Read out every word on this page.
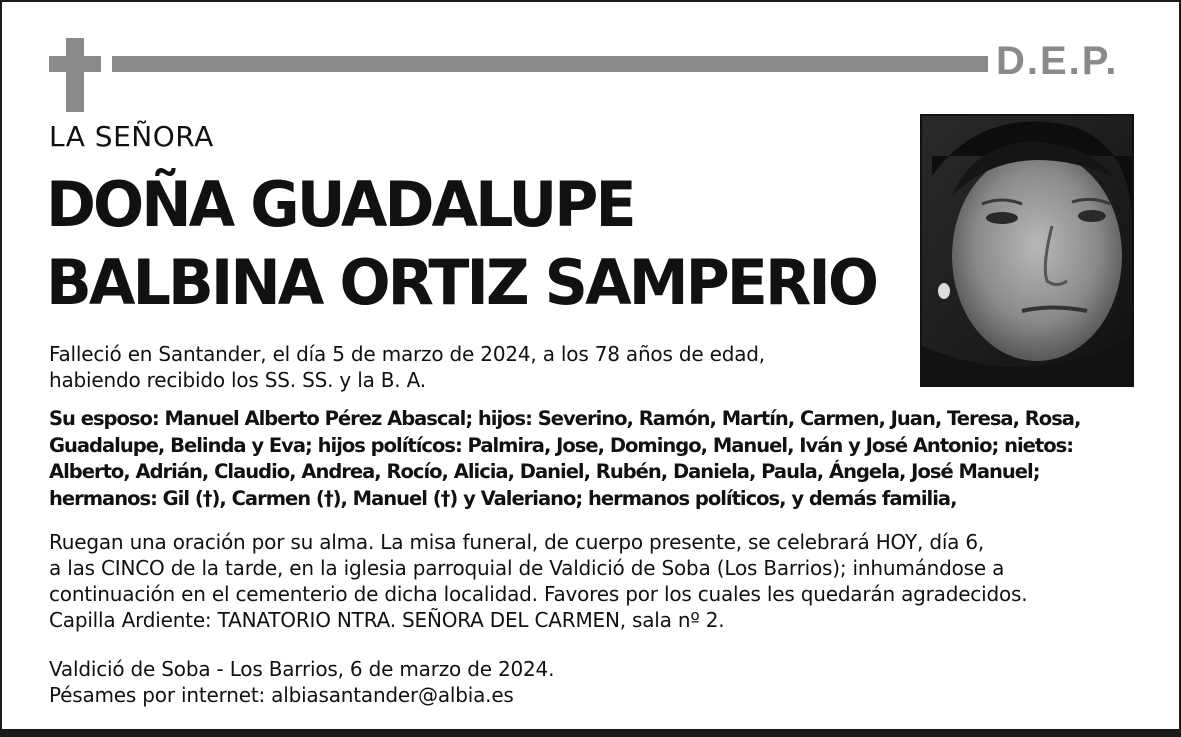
D.E.P.
LA SEÑORA
DOÑA GUADALUPE
BALBINA ORTIZ SAMPERIO
Falleció en Santander, el día 5 de marzo de 2024, a los 78 años de edad,
habiendo recibido los SS. SS. y la B. A.
Su esposo: Manuel Alberto Pérez Abascal; hijos: Severino, Ramón, Martín, Carmen, Juan, Teresa, Rosa,
Guadalupe, Belinda y Eva; hijos polítícos: Palmira, Jose, Domingo, Manuel, Iván y José Antonio; nietos:
Alberto, Adrián, Claudio, Andrea, Rocío, Alicia, Daniel, Rubén, Daniela, Paula, Ángela, José Manuel;
hermanos: Gil (†), Carmen (†), Manuel (†) y Valeriano; hermanos políticos, y demás familia,
Ruegan una oración por su alma. La misa funeral, de cuerpo presente, se celebrará HOY, día 6,
a las CINCO de la tarde, en la iglesia parroquial de Valdició de Soba (Los Barrios); inhumándose a
continuación en el cementerio de dicha localidad. Favores por los cuales les quedarán agradecidos.
Capilla Ardiente: TANATORIO NTRA. SEÑORA DEL CARMEN, sala nº 2.
Valdició de Soba - Los Barrios, 6 de marzo de 2024.
Pésames por internet: albiasantander@albia.es
